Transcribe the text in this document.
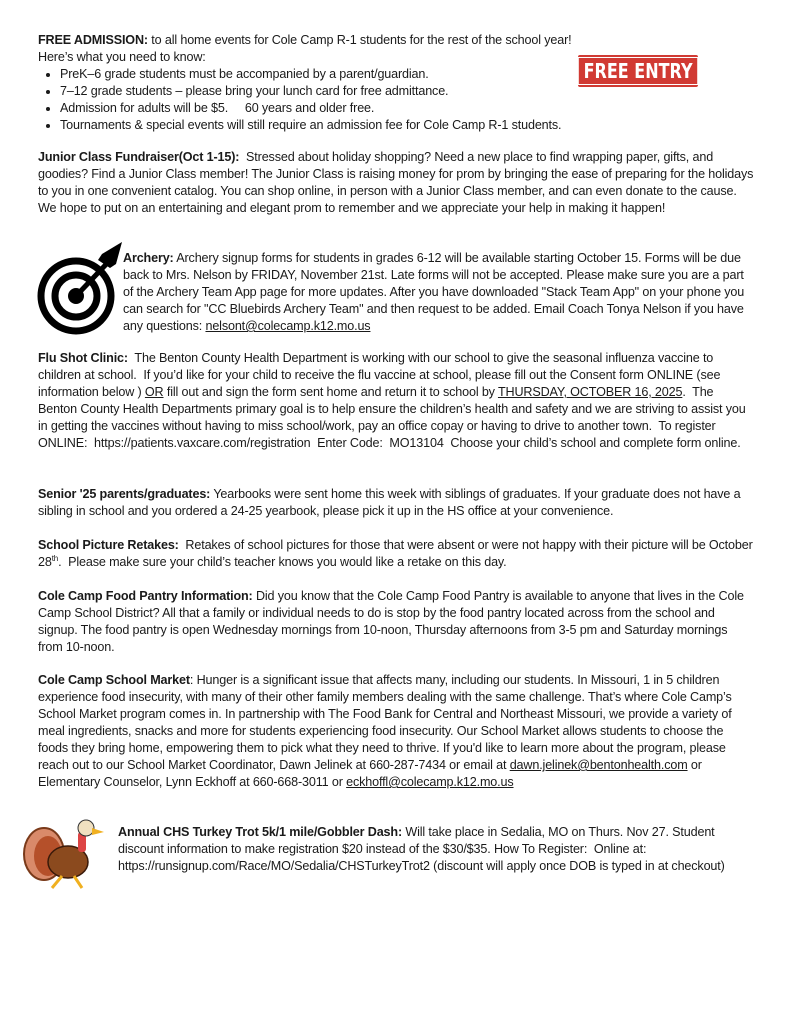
FREE ADMISSION: to all home events for Cole Camp R-1 students for the rest of the school year!
Here’s what you need to know:
• PreK–6 grade students must be accompanied by a parent/guardian.
• 7–12 grade students – please bring your lunch card for free admittance.
• Admission for adults will be $5.     60 years and older free.
• Tournaments & special events will still require an admission fee for Cole Camp R-1 students.
FREE ENTRY
Junior Class Fundraiser(Oct 1-15):  Stressed about holiday shopping? Need a new place to find wrapping paper, gifts, and goodies? Find a Junior Class member! The Junior Class is raising money for prom by bringing the ease of preparing for the holidays to you in one convenient catalog. You can shop online, in person with a Junior Class member, and can even donate to the cause. We hope to put on an entertaining and elegant prom to remember and we appreciate your help in making it happen!
Archery: Archery signup forms for students in grades 6-12 will be available starting October 15. Forms will be due back to Mrs. Nelson by FRIDAY, November 21st. Late forms will not be accepted. Please make sure you are a part of the Archery Team App page for more updates. After you have downloaded "Stack Team App" on your phone you can search for "CC Bluebirds Archery Team" and then request to be added. Email Coach Tonya Nelson if you have any questions: nelsont@colecamp.k12.mo.us
Flu Shot Clinic:  The Benton County Health Department is working with our school to give the seasonal influenza vaccine to children at school.  If you’d like for your child to receive the flu vaccine at school, please fill out the Consent form ONLINE (see information below ) OR fill out and sign the form sent home and return it to school by THURSDAY, OCTOBER 16, 2025.  The Benton County Health Departments primary goal is to help ensure the children’s health and safety and we are striving to assist you in getting the vaccines without having to miss school/work, pay an office copay or having to drive to another town.  To register ONLINE:  https://patients.vaxcare.com/registration  Enter Code:  MO13104  Choose your child’s school and complete form online.
Senior '25 parents/graduates: Yearbooks were sent home this week with siblings of graduates. If your graduate does not have a sibling in school and you ordered a 24-25 yearbook, please pick it up in the HS office at your convenience.
School Picture Retakes:  Retakes of school pictures for those that were absent or were not happy with their picture will be October 28th.  Please make sure your child’s teacher knows you would like a retake on this day.
Cole Camp Food Pantry Information: Did you know that the Cole Camp Food Pantry is available to anyone that lives in the Cole Camp School District? All that a family or individual needs to do is stop by the food pantry located across from the school and signup. The food pantry is open Wednesday mornings from 10-noon, Thursday afternoons from 3-5 pm and Saturday mornings from 10-noon.
Cole Camp School Market: Hunger is a significant issue that affects many, including our students. In Missouri, 1 in 5 children experience food insecurity, with many of their other family members dealing with the same challenge. That’s where Cole Camp’s School Market program comes in. In partnership with The Food Bank for Central and Northeast Missouri, we provide a variety of meal ingredients, snacks and more for students experiencing food insecurity. Our School Market allows students to choose the foods they bring home, empowering them to pick what they need to thrive. If you'd like to learn more about the program, please reach out to our School Market Coordinator, Dawn Jelinek at 660-287-7434 or email at dawn.jelinek@bentonhealth.com or Elementary Counselor, Lynn Eckhoff at 660-668-3011 or eckhoffl@colecamp.k12.mo.us
Annual CHS Turkey Trot 5k/1 mile/Gobbler Dash: Will take place in Sedalia, MO on Thurs. Nov 27. Student discount information to make registration $20 instead of the $30/$35. How To Register:  Online at: https://runsignup.com/Race/MO/Sedalia/CHSTurkeyTrot2 (discount will apply once DOB is typed in at checkout)
